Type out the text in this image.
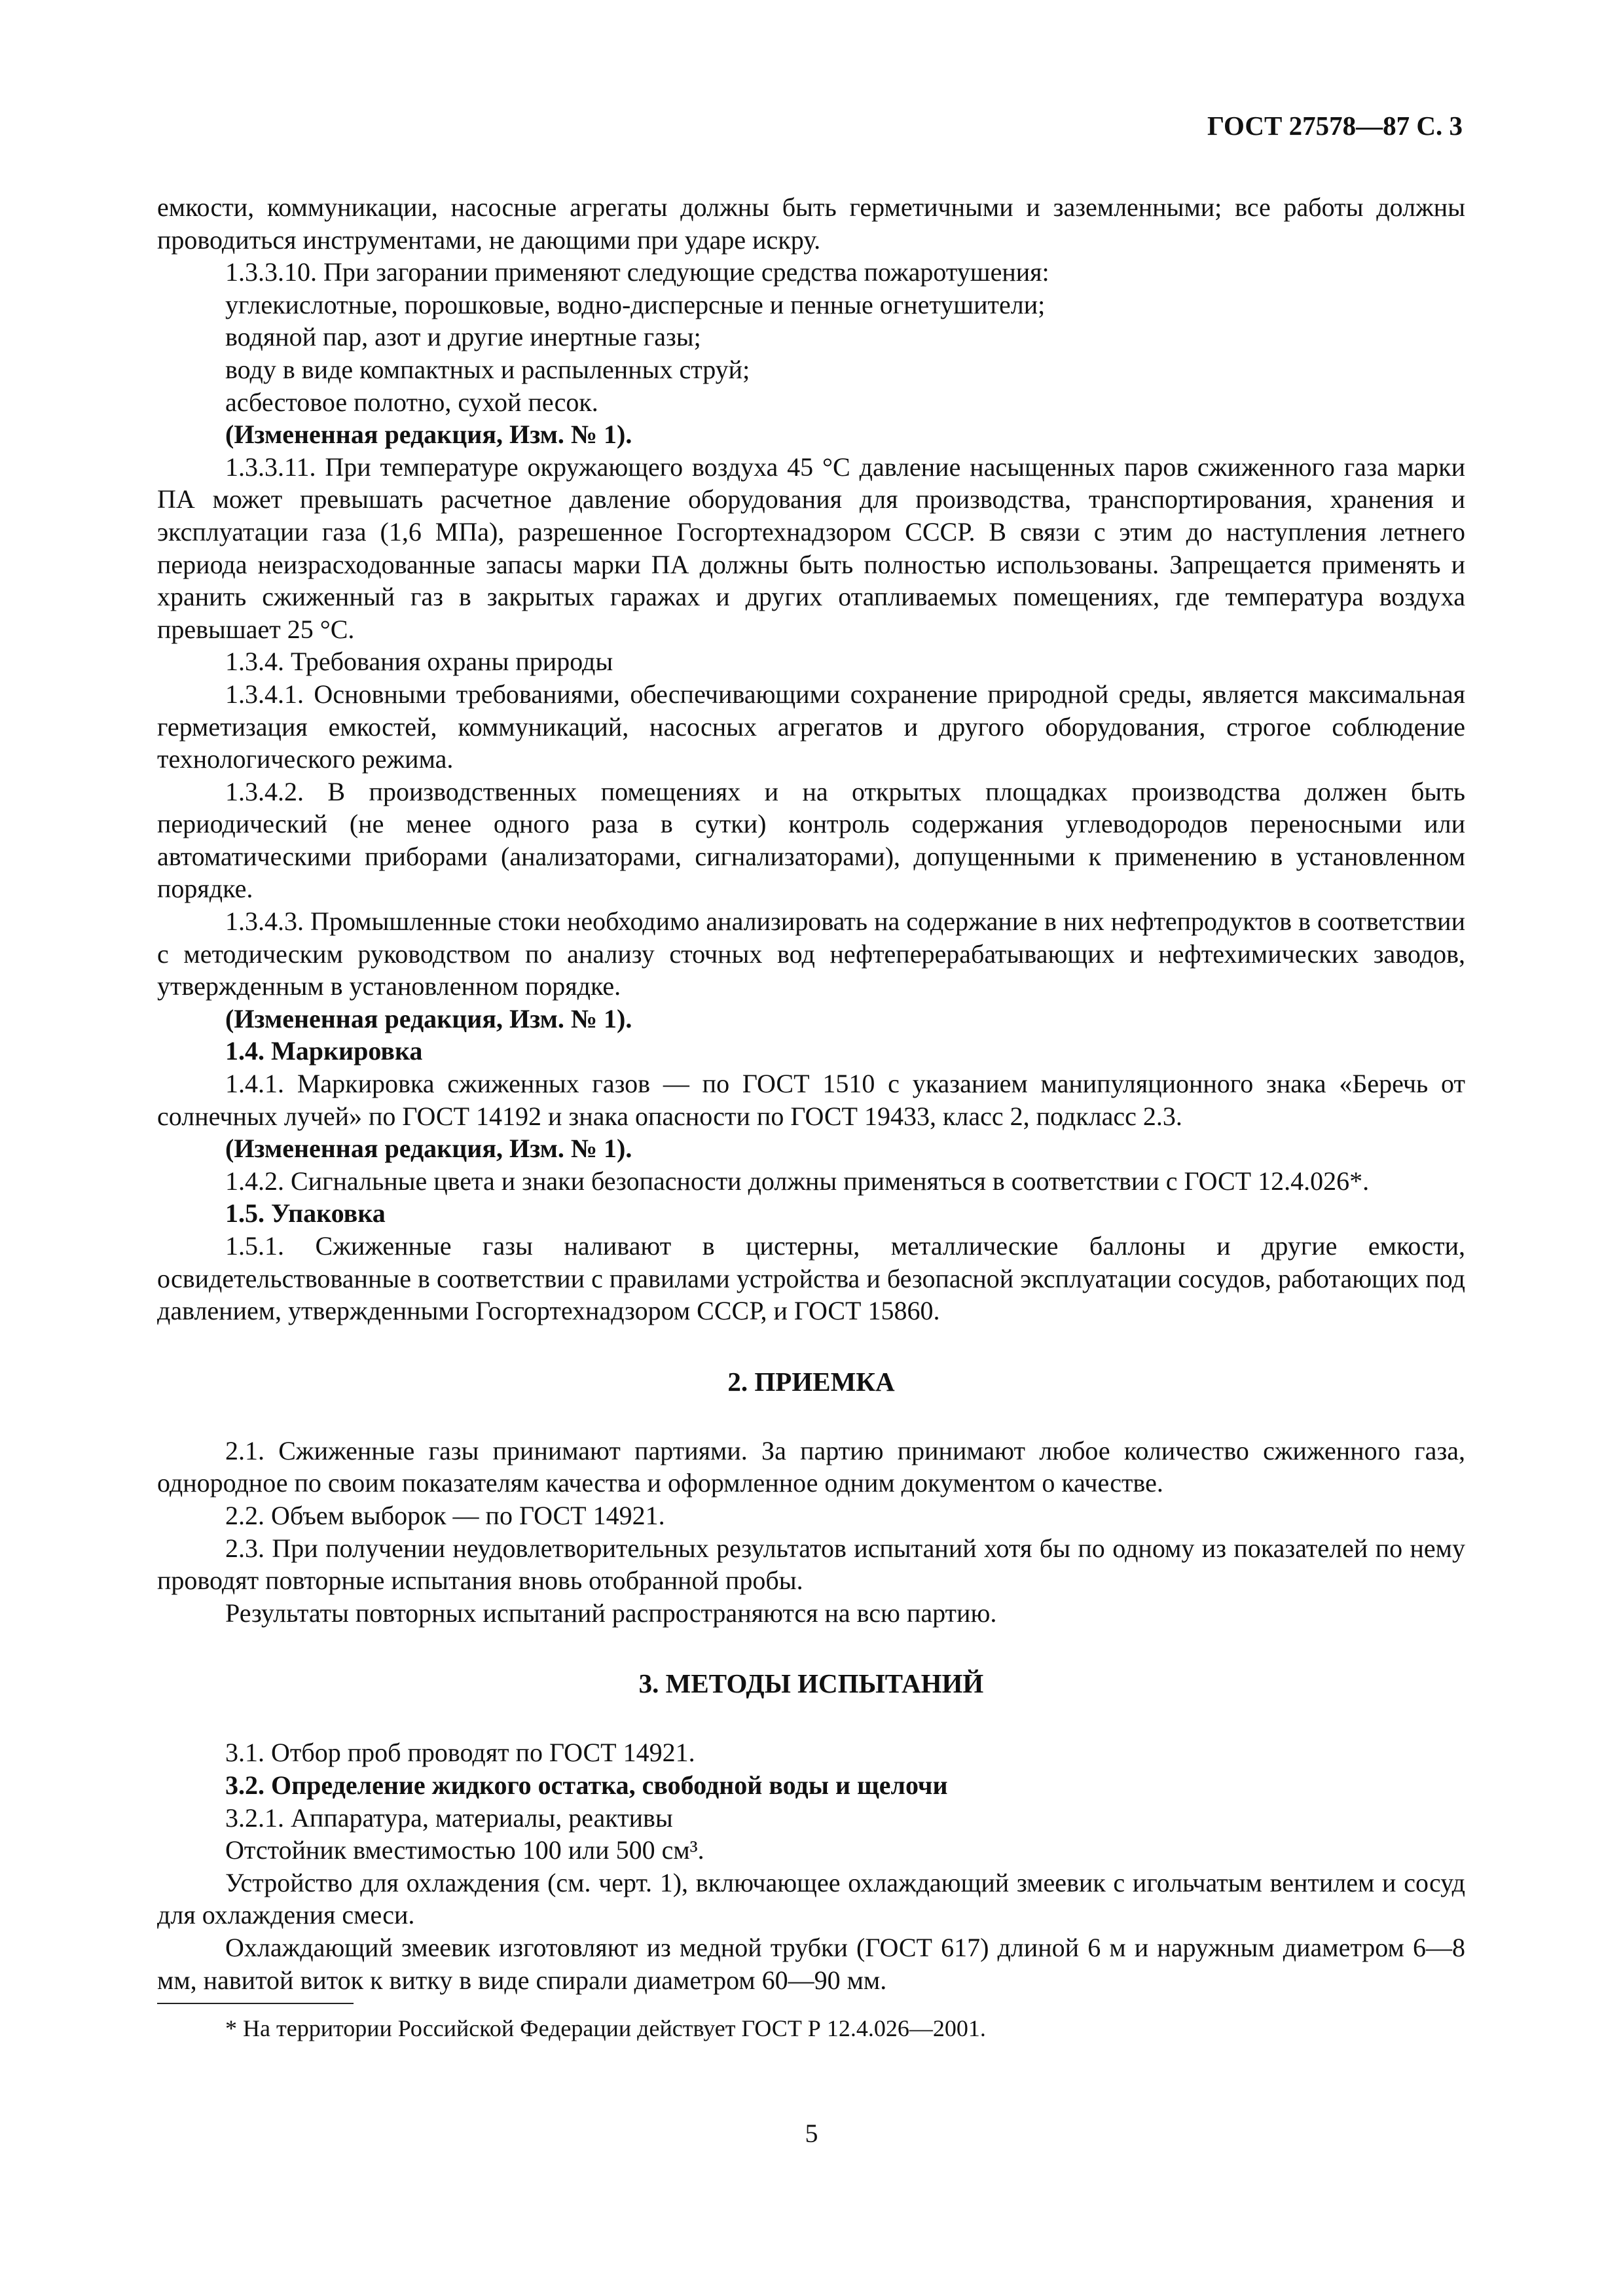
ГОСТ 27578—87 С. 3

емкости, коммуникации, насосные агрегаты должны быть герметичными и заземленными; все работы должны проводиться инструментами, не дающими при ударе искру.

1.3.3.10. При загорании применяют следующие средства пожаротушения:

углекислотные, порошковые, водно-дисперсные и пенные огнетушители;

водяной пар, азот и другие инертные газы;

воду в виде компактных и распыленных струй;

асбестовое полотно, сухой песок.

(Измененная редакция, Изм. № 1).

1.3.3.11. При температуре окружающего воздуха 45 °С давление насыщенных паров сжиженного газа марки ПА может превышать расчетное давление оборудования для производства, транспортирования, хранения и эксплуатации газа (1,6 МПа), разрешенное Госгортехнадзором СССР. В связи с этим до наступления летнего периода неизрасходованные запасы марки ПА должны быть полностью использованы. Запрещается применять и хранить сжиженный газ в закрытых гаражах и других отапливаемых помещениях, где температура воздуха превышает 25 °С.

1.3.4. Требования охраны природы

1.3.4.1. Основными требованиями, обеспечивающими сохранение природной среды, является максимальная герметизация емкостей, коммуникаций, насосных агрегатов и другого оборудования, строгое соблюдение технологического режима.

1.3.4.2. В производственных помещениях и на открытых площадках производства должен быть периодический (не менее одного раза в сутки) контроль содержания углеводородов переносными или автоматическими приборами (анализаторами, сигнализаторами), допущенными к применению в установленном порядке.

1.3.4.3. Промышленные стоки необходимо анализировать на содержание в них нефтепродуктов в соответствии с методическим руководством по анализу сточных вод нефтеперерабатывающих и нефтехимических заводов, утвержденным в установленном порядке.

(Измененная редакция, Изм. № 1).

1.4. Маркировка

1.4.1. Маркировка сжиженных газов — по ГОСТ 1510 с указанием манипуляционного знака «Беречь от солнечных лучей» по ГОСТ 14192 и знака опасности по ГОСТ 19433, класс 2, подкласс 2.3.

(Измененная редакция, Изм. № 1).

1.4.2. Сигнальные цвета и знаки безопасности должны применяться в соответствии с ГОСТ 12.4.026*.

1.5. Упаковка

1.5.1. Сжиженные газы наливают в цистерны, металлические баллоны и другие емкости, освидетельствованные в соответствии с правилами устройства и безопасной эксплуатации сосудов, работающих под давлением, утвержденными Госгортехнадзором СССР, и ГОСТ 15860.

2. ПРИЕМКА

2.1. Сжиженные газы принимают партиями. За партию принимают любое количество сжиженного газа, однородное по своим показателям качества и оформленное одним документом о качестве.

2.2. Объем выборок — по ГОСТ 14921.

2.3. При получении неудовлетворительных результатов испытаний хотя бы по одному из показателей по нему проводят повторные испытания вновь отобранной пробы.

Результаты повторных испытаний распространяются на всю партию.

3. МЕТОДЫ ИСПЫТАНИЙ

3.1. Отбор проб проводят по ГОСТ 14921.

3.2. Определение жидкого остатка, свободной воды и щелочи

3.2.1. Аппаратура, материалы, реактивы

Отстойник вместимостью 100 или 500 см³.

Устройство для охлаждения (см. черт. 1), включающее охлаждающий змеевик с игольчатым вентилем и сосуд для охлаждения смеси.

Охлаждающий змеевик изготовляют из медной трубки (ГОСТ 617) длиной 6 м и наружным диаметром 6—8 мм, навитой виток к витку в виде спирали диаметром 60—90 мм.

* На территории Российской Федерации действует ГОСТ Р 12.4.026—2001.
5
